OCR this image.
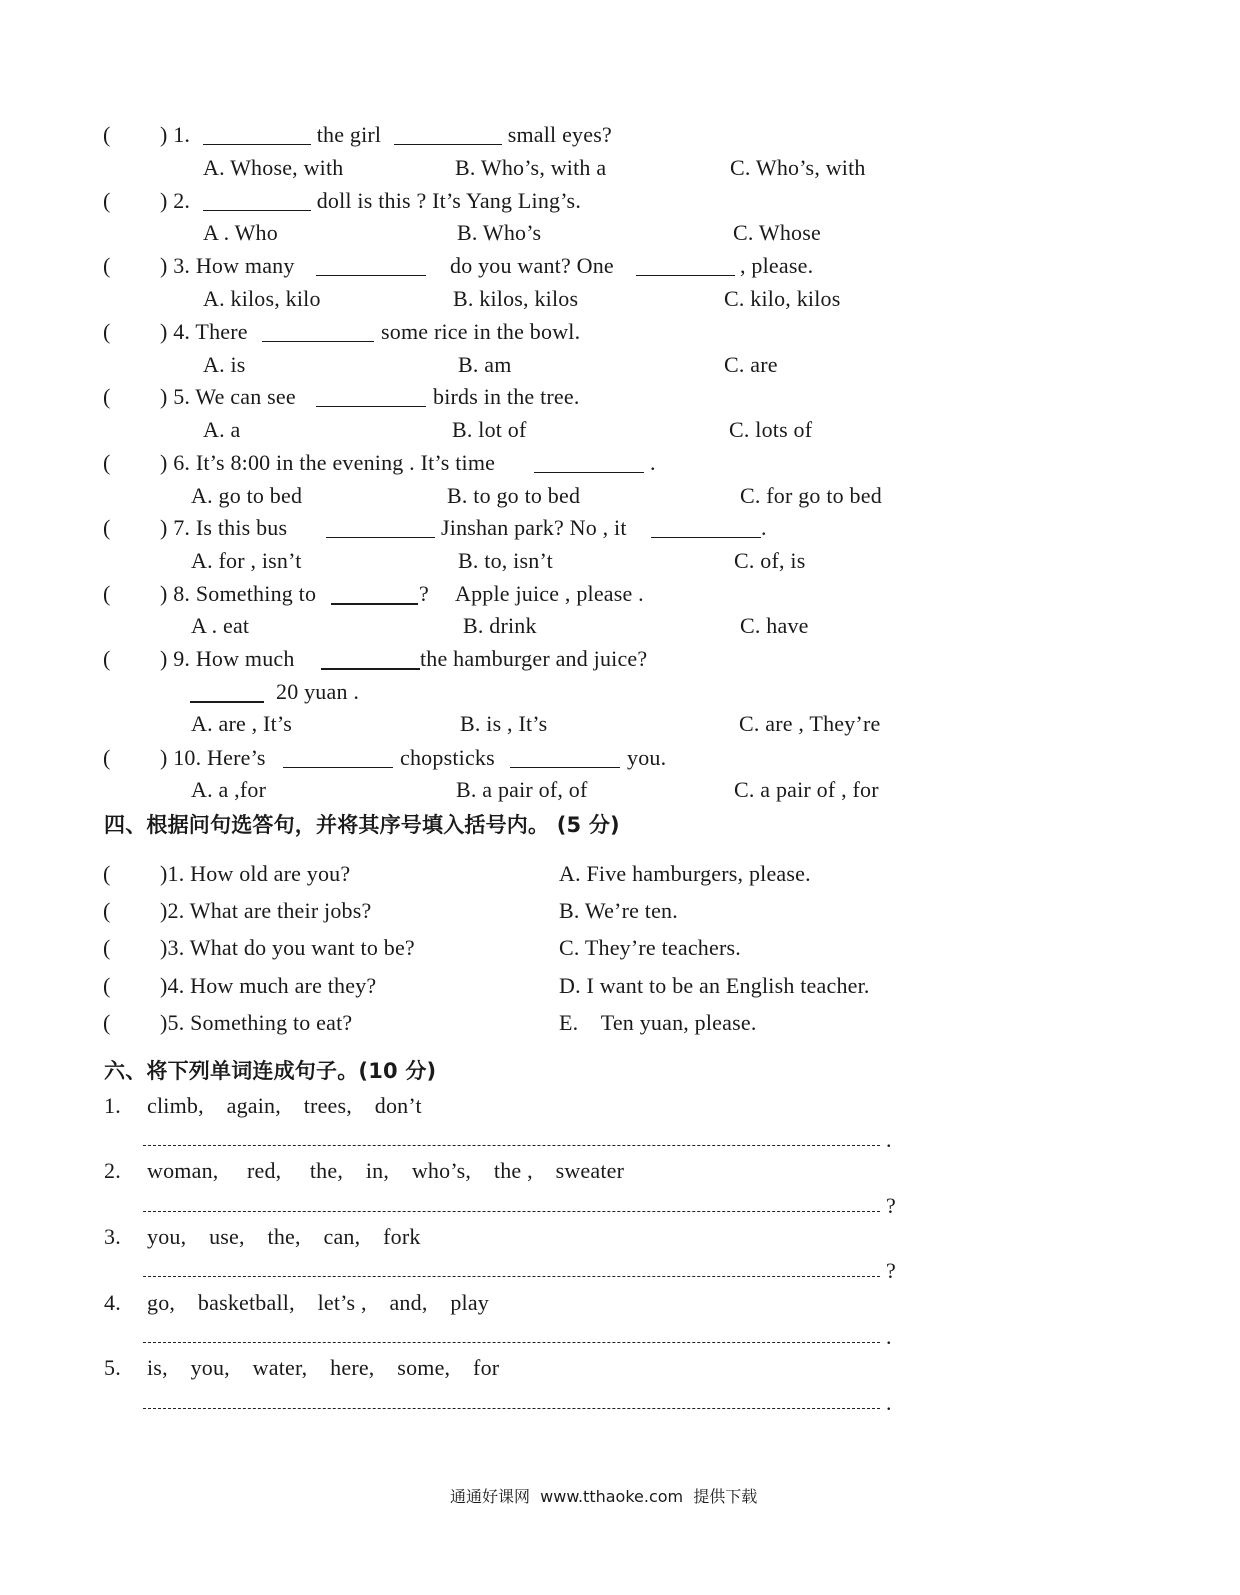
( ) 1.	the girl	small eyes?
A. Whose, with	B. Who’s, with a	C. Who’s, with
( ) 2.	doll is this ? It’s Yang Ling’s.
A . Who	B. Who’s	C. Whose
( ) 3. How many	do you want? One	, please.
A. kilos, kilo	B. kilos, kilos	C. kilo, kilos
( ) 4. There	some rice in the bowl.
A. is	B. am	C. are
( ) 5. We can see	birds in the tree.
A. a	B. lot of	C. lots of
( ) 6. It’s 8:00 in the evening . It’s time	.
A. go to bed	B. to go to bed	C. for go to bed
( ) 7. Is this bus	Jinshan park? No , it	.
A. for , isn’t	B. to, isn’t	C. of, is
( ) 8. Something to	? Apple juice , please .
A . eat	B. drink	C. have
( ) 9. How much	the hamburger and juice?
20 yuan .
A. are , It’s	B. is , It’s	C. are , They’re
( ) 10. Here’s	chopsticks	you.
A. a ,for	B. a pair of, of	C. a pair of , for
四、根据问句选答句，并将其序号填入括号内。 (5 分)
( )1. How old are you?	A. Five hamburgers, please.
( )2. What are their jobs?	B. We’re ten.
( )3. What do you want to be?	C. They’re teachers.
( )4. How much are they?	D. I want to be an English teacher.
( )5. Something to eat?	E.    Ten yuan, please.
六、将下列单词连成句子。(10 分)
1. climb,    again,    trees,    don’t
.
2. woman,     red,     the,    in,    who’s,    the ,    sweater
?
3. you,    use,    the,    can,    fork
?
4. go,    basketball,    let’s ,    and,    play
.
5. is,    you,    water,    here,    some,    for
.
通通好课网  www.tthaoke.com  提供下载
